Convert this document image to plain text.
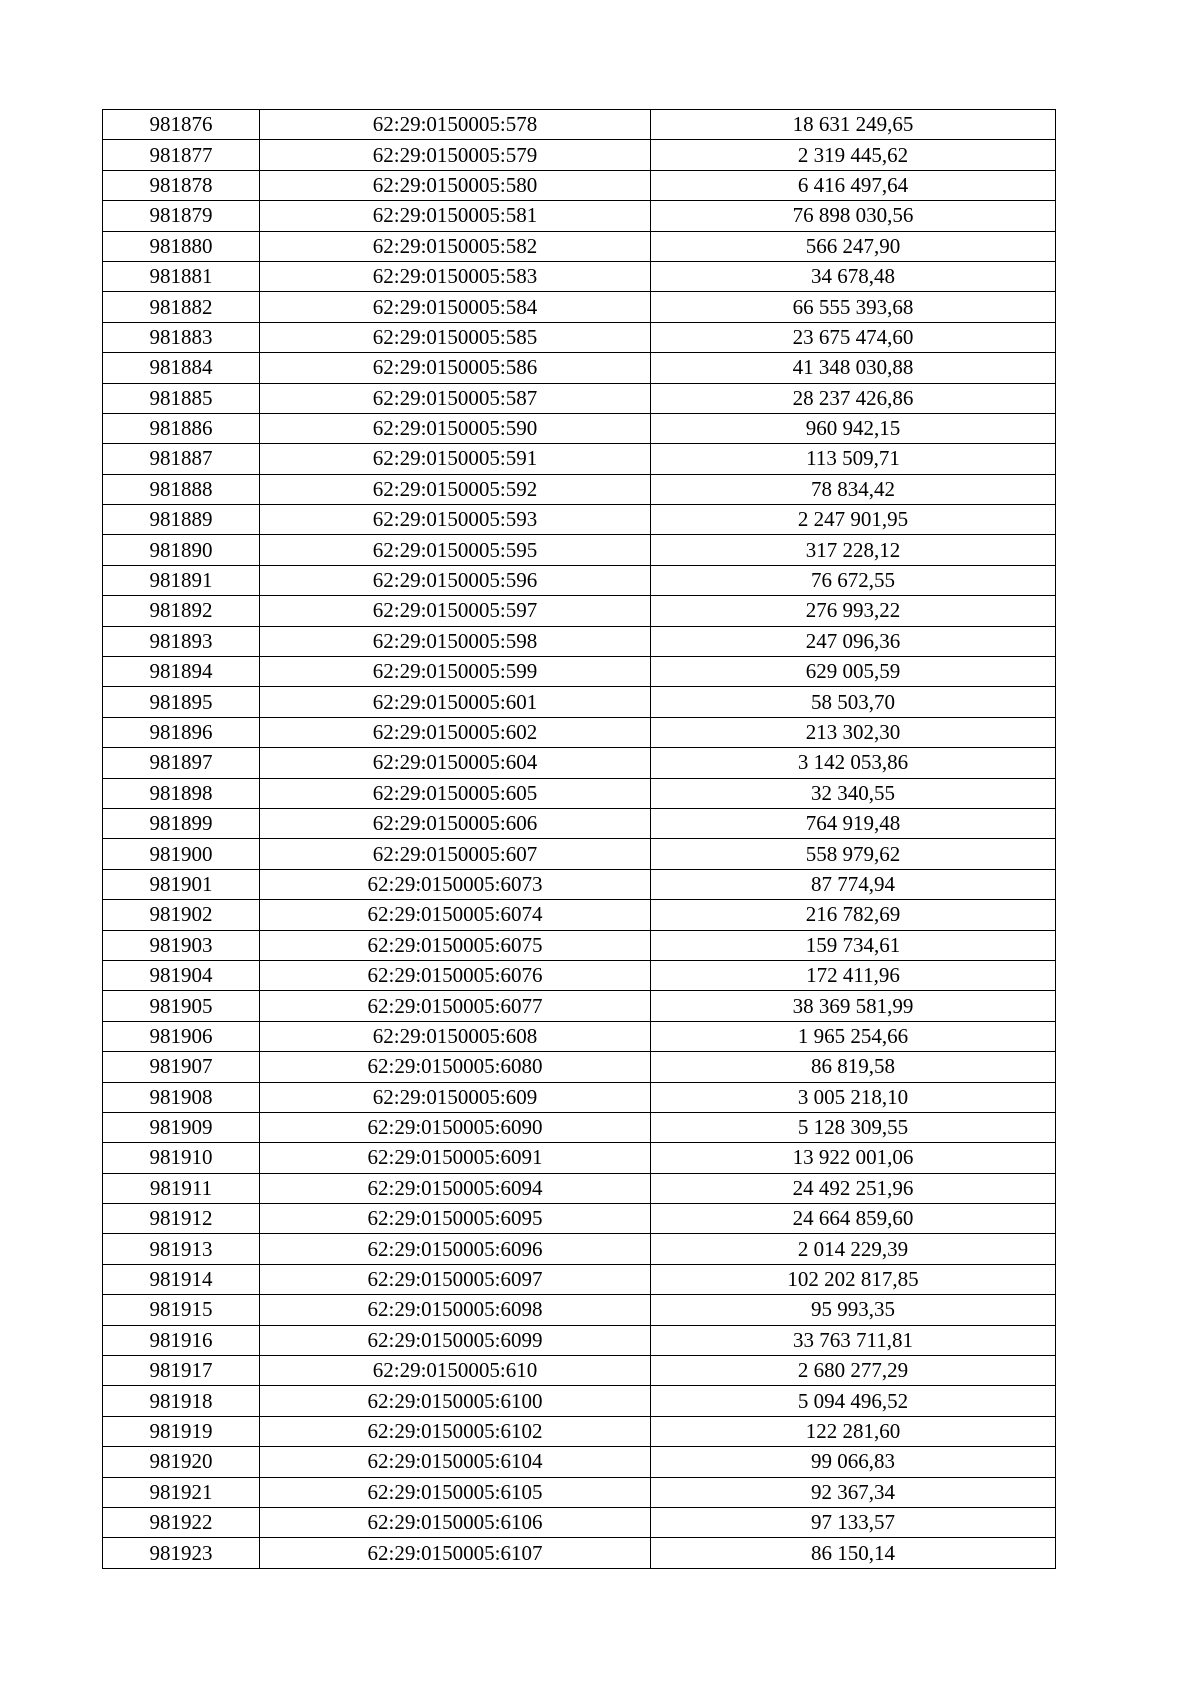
981876	62:29:0150005:578	18 631 249,65
981877	62:29:0150005:579	2 319 445,62
981878	62:29:0150005:580	6 416 497,64
981879	62:29:0150005:581	76 898 030,56
981880	62:29:0150005:582	566 247,90
981881	62:29:0150005:583	34 678,48
981882	62:29:0150005:584	66 555 393,68
981883	62:29:0150005:585	23 675 474,60
981884	62:29:0150005:586	41 348 030,88
981885	62:29:0150005:587	28 237 426,86
981886	62:29:0150005:590	960 942,15
981887	62:29:0150005:591	113 509,71
981888	62:29:0150005:592	78 834,42
981889	62:29:0150005:593	2 247 901,95
981890	62:29:0150005:595	317 228,12
981891	62:29:0150005:596	76 672,55
981892	62:29:0150005:597	276 993,22
981893	62:29:0150005:598	247 096,36
981894	62:29:0150005:599	629 005,59
981895	62:29:0150005:601	58 503,70
981896	62:29:0150005:602	213 302,30
981897	62:29:0150005:604	3 142 053,86
981898	62:29:0150005:605	32 340,55
981899	62:29:0150005:606	764 919,48
981900	62:29:0150005:607	558 979,62
981901	62:29:0150005:6073	87 774,94
981902	62:29:0150005:6074	216 782,69
981903	62:29:0150005:6075	159 734,61
981904	62:29:0150005:6076	172 411,96
981905	62:29:0150005:6077	38 369 581,99
981906	62:29:0150005:608	1 965 254,66
981907	62:29:0150005:6080	86 819,58
981908	62:29:0150005:609	3 005 218,10
981909	62:29:0150005:6090	5 128 309,55
981910	62:29:0150005:6091	13 922 001,06
981911	62:29:0150005:6094	24 492 251,96
981912	62:29:0150005:6095	24 664 859,60
981913	62:29:0150005:6096	2 014 229,39
981914	62:29:0150005:6097	102 202 817,85
981915	62:29:0150005:6098	95 993,35
981916	62:29:0150005:6099	33 763 711,81
981917	62:29:0150005:610	2 680 277,29
981918	62:29:0150005:6100	5 094 496,52
981919	62:29:0150005:6102	122 281,60
981920	62:29:0150005:6104	99 066,83
981921	62:29:0150005:6105	92 367,34
981922	62:29:0150005:6106	97 133,57
981923	62:29:0150005:6107	86 150,14
